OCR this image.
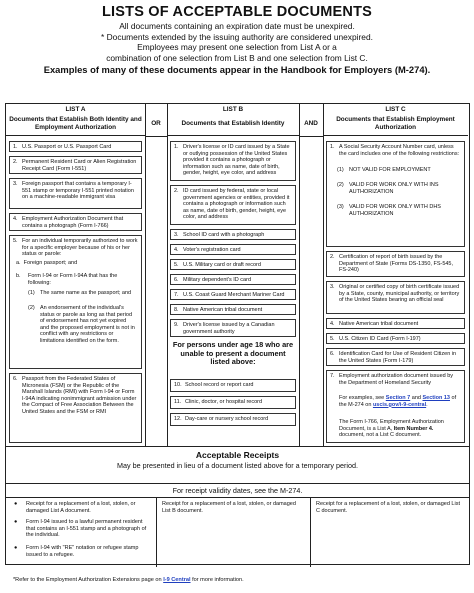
LISTS OF ACCEPTABLE DOCUMENTS
All documents containing an expiration date must be unexpired.
* Documents extended by the issuing authority are considered unexpired.
Employees may present one selection from List A or a
combination of one selection from List B and one selection from List C.
Examples of many of these documents appear in the Handbook for Employers (M-274).
LIST A
Documents that Establish Both Identity and Employment Authorization
1. U.S. Passport or U.S. Passport Card
2. Permanent Resident Card or Alien Registration Receipt Card (Form I-551)
3. Foreign passport that contains a temporary I-551 stamp or temporary I-551 printed notation on a machine-readable immigrant visa
4. Employment Authorization Document that contains a photograph (Form I-766)
5. For an individual temporarily authorized to work for a specific employer because of his or her status or parole:
a.  Foreign passport; and
b.	Form I-94 or Form I-94A that has the following:
(1) The same name as the passport; and
(2) An endorsement of the individual's status or parole as long as that period of endorsement has not yet expired and the proposed employment is not in conflict with any restrictions or limitations identified on the form.
6. Passport from the Federated States of Micronesia (FSM) or the Republic of the Marshall Islands (RMI) with Form I-94 or Form I-94A indicating nonimmigrant admission under the Compact of Free Association Between the United States and the FSM or RMI
OR
LIST B
Documents that Establish Identity
1. Driver's license or ID card issued by a State or outlying possession of the United States provided it contains a photograph or information such as name, date of birth, gender, height, eye color, and address
2. ID card issued by federal, state or local government agencies or entities, provided it contains a photograph or information such as name, date of birth, gender, height, eye color, and address
3. School ID card with a photograph
4. Voter's registration card
5. U.S. Military card or draft record
6. Military dependent's ID card
7. U.S. Coast Guard Merchant Mariner Card
8. Native American tribal document
9. Driver's license issued by a Canadian government authority
For persons under age 18 who are unable to present a document listed above:
10. School record or report card
11. Clinic, doctor, or hospital record
12. Day-care or nursery school record
AND
LIST C
Documents that Establish Employment Authorization
1. A Social Security Account Number card, unless the card includes one of the following restrictions:
(1) NOT VALID FOR EMPLOYMENT
(2) VALID FOR WORK ONLY WITH INS AUTHORIZATION
(3) VALID FOR WORK ONLY WITH DHS AUTHORIZATION
2. Certification of report of birth issued by the Department of State (Forms DS-1350, FS-545, FS-240)
3. Original or certified copy of birth certificate issued by a State, county, municipal authority, or territory of the United States bearing an official seal
4. Native American tribal document
5. U.S. Citizen ID Card (Form I-197)
6. Identification Card for Use of Resident Citizen in the United States (Form I-179)
7. Employment authorization document issued by the Department of Homeland Security
For examples, see Section 7 and Section 13 of the M-274 on uscis.gov/i-9-central.
The Form I-766, Employment Authorization Document, is a List A, Item Number 4. document, not a List C document.
Acceptable Receipts
May be presented in lieu of a document listed above for a temporary period.
For receipt validity dates, see the M-274.
● Receipt for a replacement of a lost, stolen, or damaged List A document.
● Form I-94 issued to a lawful permanent resident that contains an I-551 stamp and a photograph of the individual.
● Form I-94 with "RE" notation or refugee stamp issued to a refugee.
Receipt for a replacement of a lost, stolen, or damaged List B document.
Receipt for a replacement of a lost, stolen, or damaged List C document.
*Refer to the Employment Authorization Extensions page on I-9 Central for more information.
